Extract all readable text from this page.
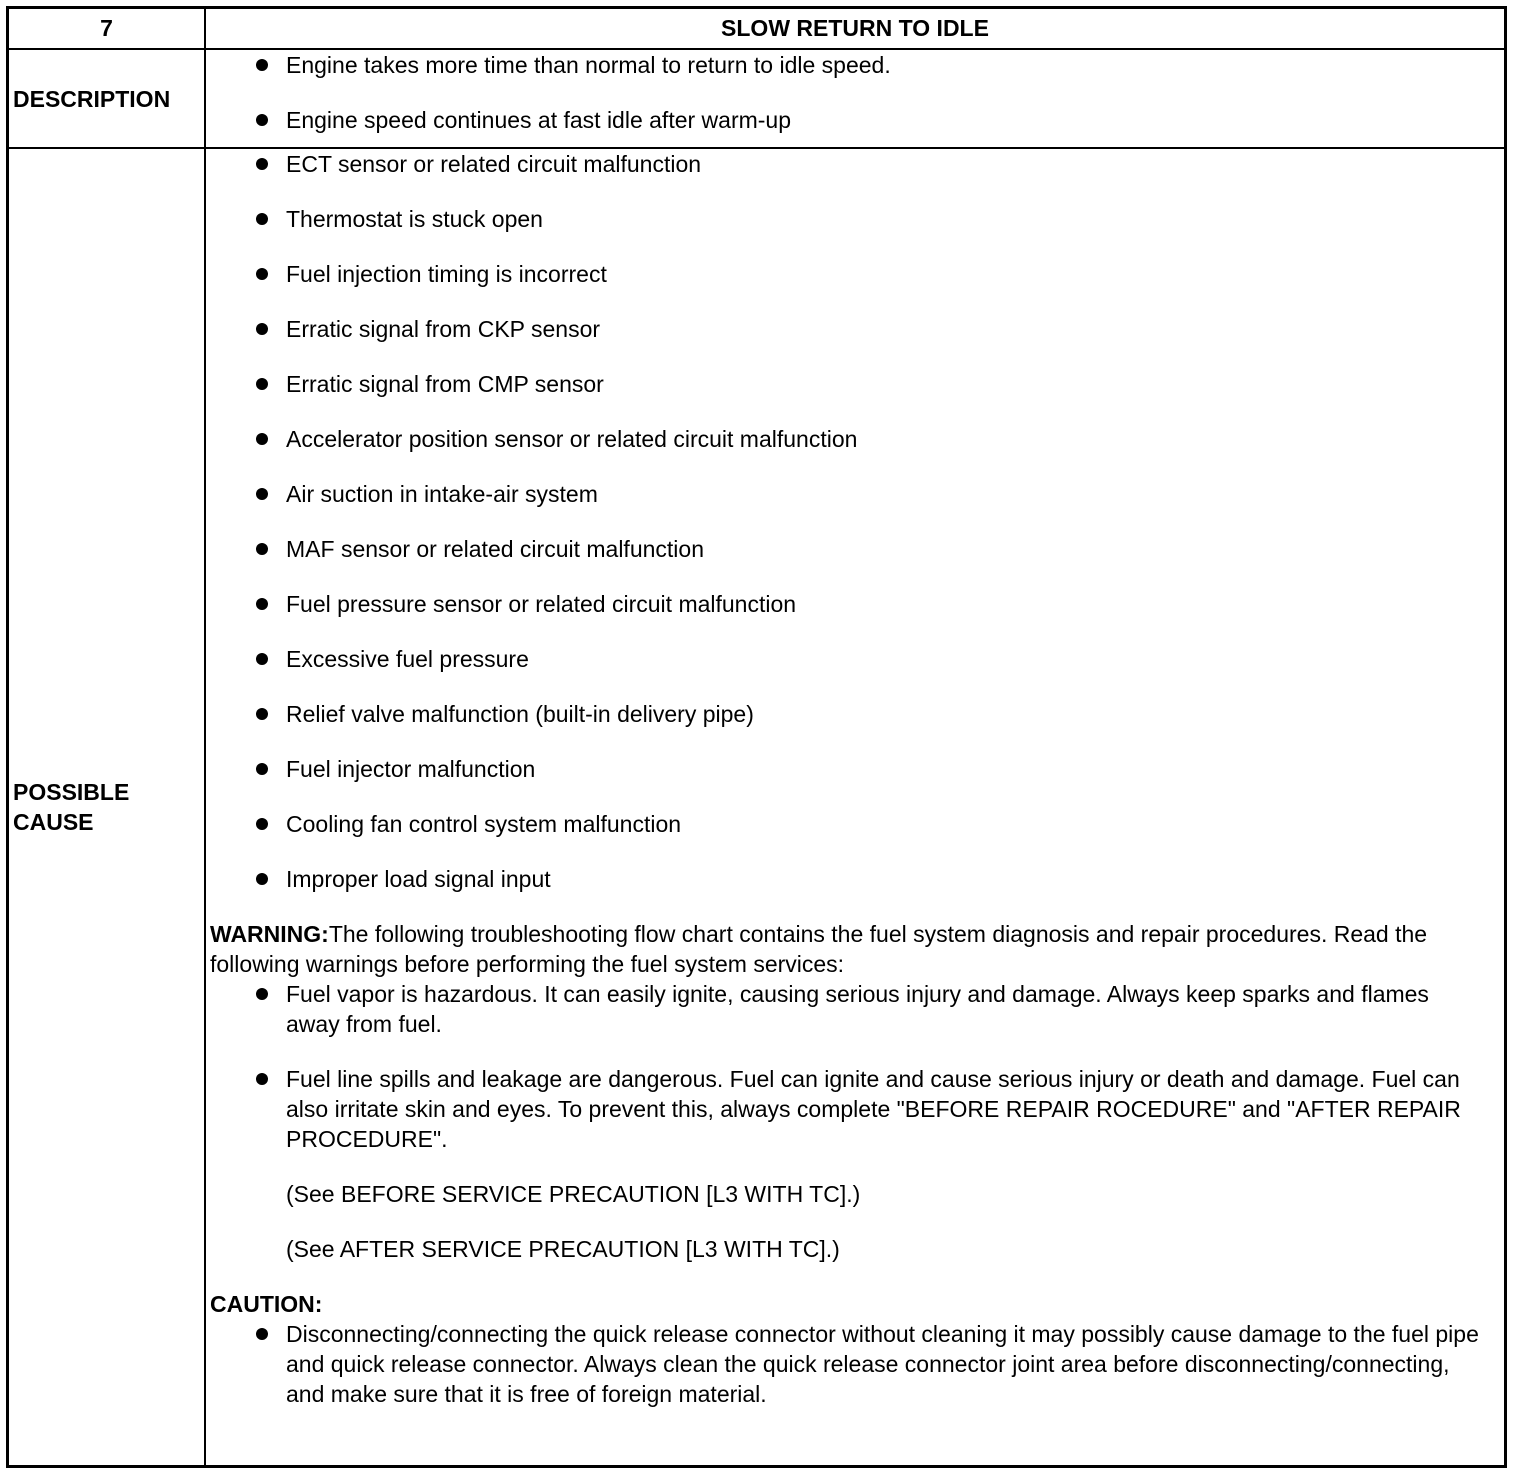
7	SLOW RETURN TO IDLE
DESCRIPTION
Engine takes more time than normal to return to idle speed.
Engine speed continues at fast idle after warm-up
POSSIBLE
CAUSE
ECT sensor or related circuit malfunction
Thermostat is stuck open
Fuel injection timing is incorrect
Erratic signal from CKP sensor
Erratic signal from CMP sensor
Accelerator position sensor or related circuit malfunction
Air suction in intake-air system
MAF sensor or related circuit malfunction
Fuel pressure sensor or related circuit malfunction
Excessive fuel pressure
Relief valve malfunction (built-in delivery pipe)
Fuel injector malfunction
Cooling fan control system malfunction
Improper load signal input
WARNING:The following troubleshooting flow chart contains the fuel system diagnosis and repair procedures. Read the following warnings before performing the fuel system services:
Fuel vapor is hazardous. It can easily ignite, causing serious injury and damage. Always keep sparks and flames away from fuel.
Fuel line spills and leakage are dangerous. Fuel can ignite and cause serious injury or death and damage. Fuel can also irritate skin and eyes. To prevent this, always complete "BEFORE REPAIR ROCEDURE" and "AFTER REPAIR PROCEDURE".
(See BEFORE SERVICE PRECAUTION [L3 WITH TC].)
(See AFTER SERVICE PRECAUTION [L3 WITH TC].)
CAUTION:
Disconnecting/connecting the quick release connector without cleaning it may possibly cause damage to the fuel pipe and quick release connector. Always clean the quick release connector joint area before disconnecting/connecting, and make sure that it is free of foreign material.
